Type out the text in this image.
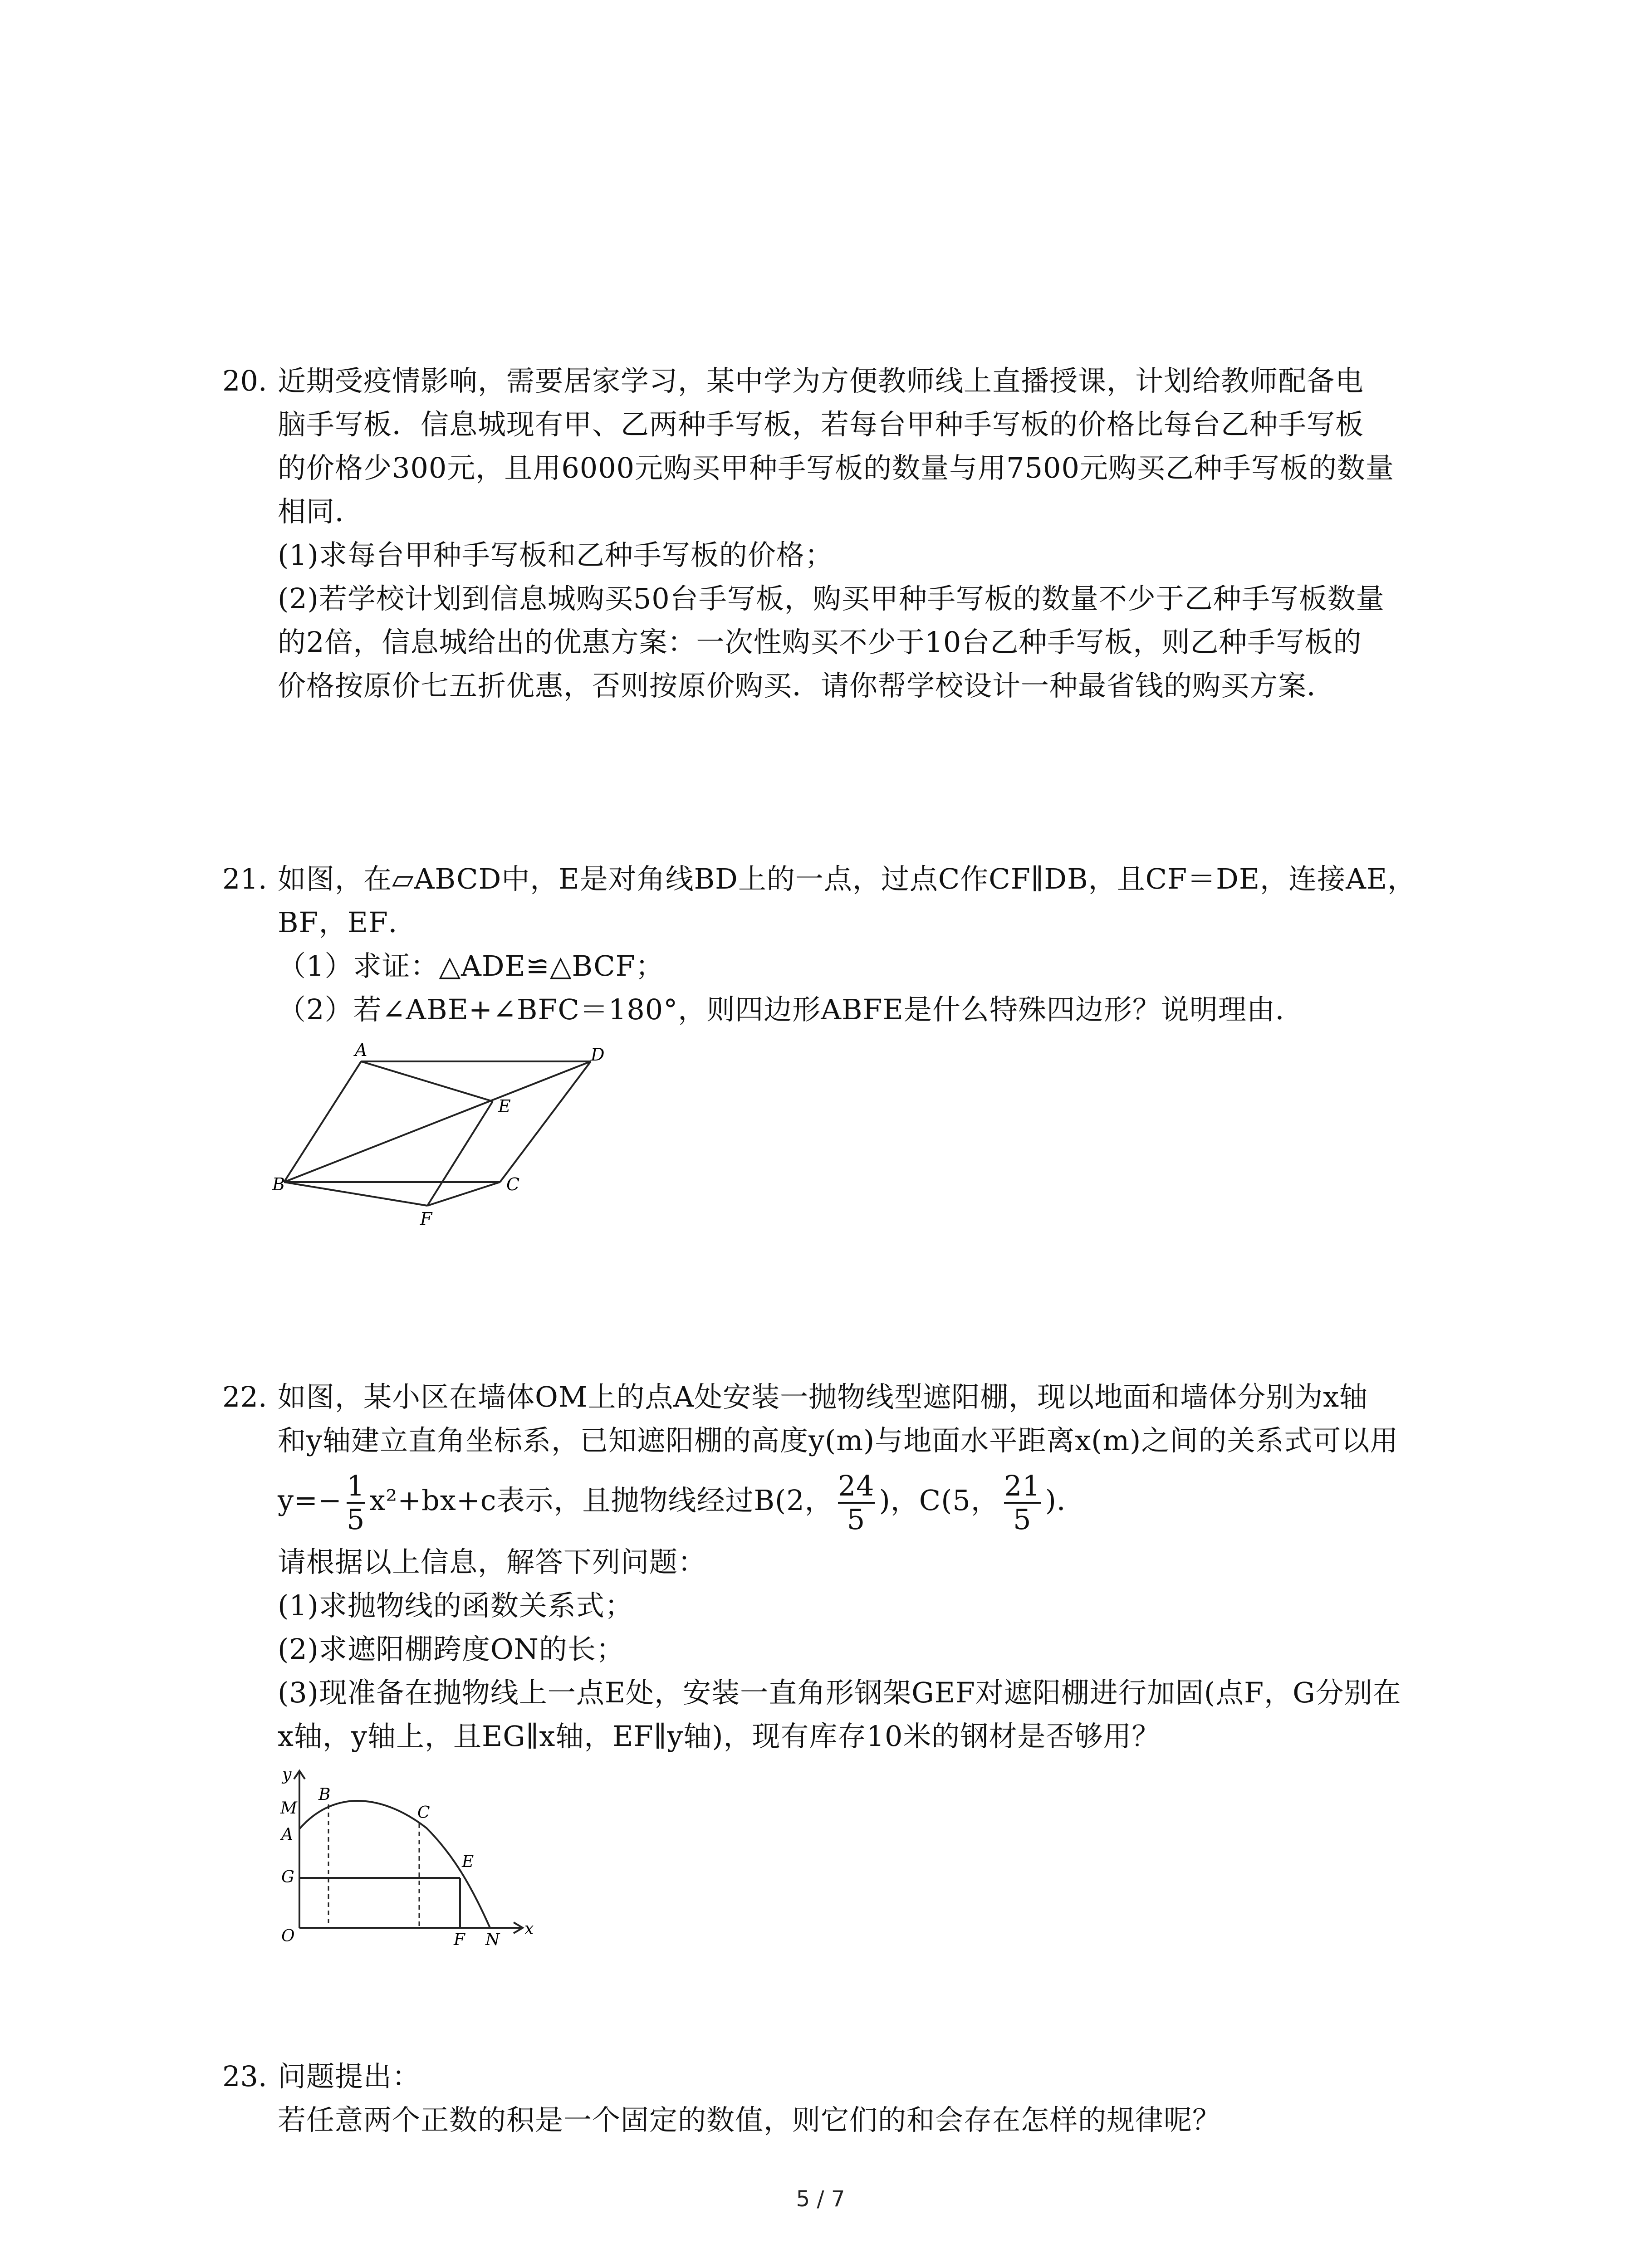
20. 近期受疫情影响，需要居家学习，某中学为方便教师线上直播授课，计划给教师配备电
脑手写板．信息城现有甲、乙两种手写板，若每台甲种手写板的价格比每台乙种手写板
的价格少300元，且用6000元购买甲种手写板的数量与用7500元购买乙种手写板的数量
相同．
(1)求每台甲种手写板和乙种手写板的价格；
(2)若学校计划到信息城购买50台手写板，购买甲种手写板的数量不少于乙种手写板数量
的2倍，信息城给出的优惠方案：一次性购买不少于10台乙种手写板，则乙种手写板的
价格按原价七五折优惠，否则按原价购买．请你帮学校设计一种最省钱的购买方案．
21. 如图，在▱ABCD中，E是对角线BD上的一点，过点C作CF∥DB，且CF＝DE，连接AE，
BF，EF．
（1）求证：△ADE≌△BCF；
（2）若∠ABE+∠BFC＝180°，则四边形ABFE是什么特殊四边形？说明理由．
A	D
E
B	C
F
22. 如图，某小区在墙体OM上的点A处安装一抛物线型遮阳棚，现以地面和墙体分别为x轴
和y轴建立直角坐标系，已知遮阳棚的高度y(m)与地面水平距离x(m)之间的关系式可以用
$y=- \frac{1}{5} x^2+bx+c$表示，且抛物线经过B(2， $\frac{24}{5}$ )，C(5， $\frac{21}{5}$ )．
请根据以上信息，解答下列问题：
(1)求抛物线的函数关系式；
(2)求遮阳棚跨度ON的长；
(3)现准备在抛物线上一点E处，安装一直角形钢架GEF对遮阳棚进行加固(点F，G分别在
x轴，y轴上，且EG∥x轴，EF∥y轴)，现有库存10米的钢材是否够用？
y
M
B
A
C
E
G
O	F N
x
23. 问题提出：
若任意两个正数的积是一个固定的数值，则它们的和会存在怎样的规律呢？
5 / 7
